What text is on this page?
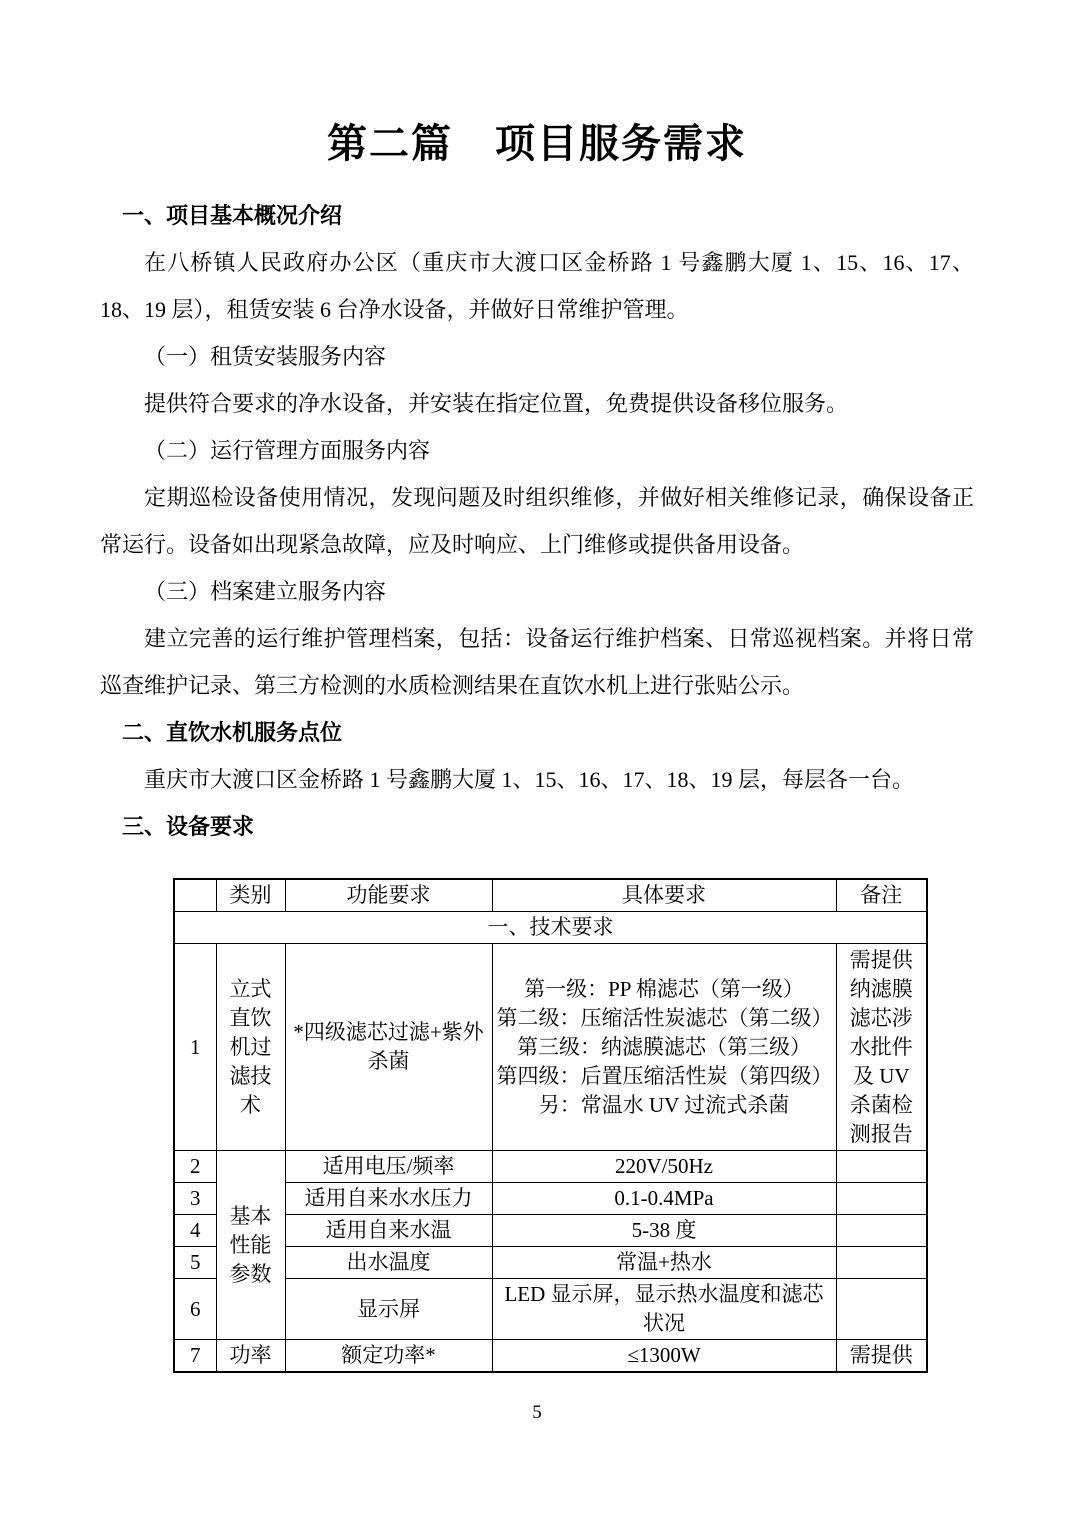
第二篇　项目服务需求
一、项目基本概况介绍

在八桥镇人民政府办公区（重庆市大渡口区金桥路 1 号鑫鹏大厦 1、15、16、17、18、19 层），租赁安装 6 台净水设备，并做好日常维护管理。

（一）租赁安装服务内容

提供符合要求的净水设备，并安装在指定位置，免费提供设备移位服务。

（二）运行管理方面服务内容

定期巡检设备使用情况，发现问题及时组织维修，并做好相关维修记录，确保设备正常运行。设备如出现紧急故障，应及时响应、上门维修或提供备用设备。

（三）档案建立服务内容

建立完善的运行维护管理档案，包括：设备运行维护档案、日常巡视档案。并将日常巡查维护记录、第三方检测的水质检测结果在直饮水机上进行张贴公示。

二、直饮水机服务点位

重庆市大渡口区金桥路 1 号鑫鹏大厦 1、15、16、17、18、19 层，每层各一台。

三、设备要求
	类别	功能要求	具体要求	备注
一、技术要求				
1	立式直饮机过滤技术	*四级滤芯过滤+紫外杀菌	第一级：PP 棉滤芯（第一级）
第二级：压缩活性炭滤芯（第二级）
第三级：纳滤膜滤芯（第三级）
第四级：后置压缩活性炭（第四级）
另：常温水 UV 过流式杀菌	需提供纳滤膜滤芯涉水批件及 UV 杀菌检测报告
2	基本性能参数	适用电压/频率	220V/50Hz	
3		适用自来水水压力	0.1-0.4MPa	
4		适用自来水温	5-38 度	
5		出水温度	常温+热水	
6		显示屏	LED 显示屏，显示热水温度和滤芯状况	
7	功率	额定功率*	≤1300W	需提供
5
